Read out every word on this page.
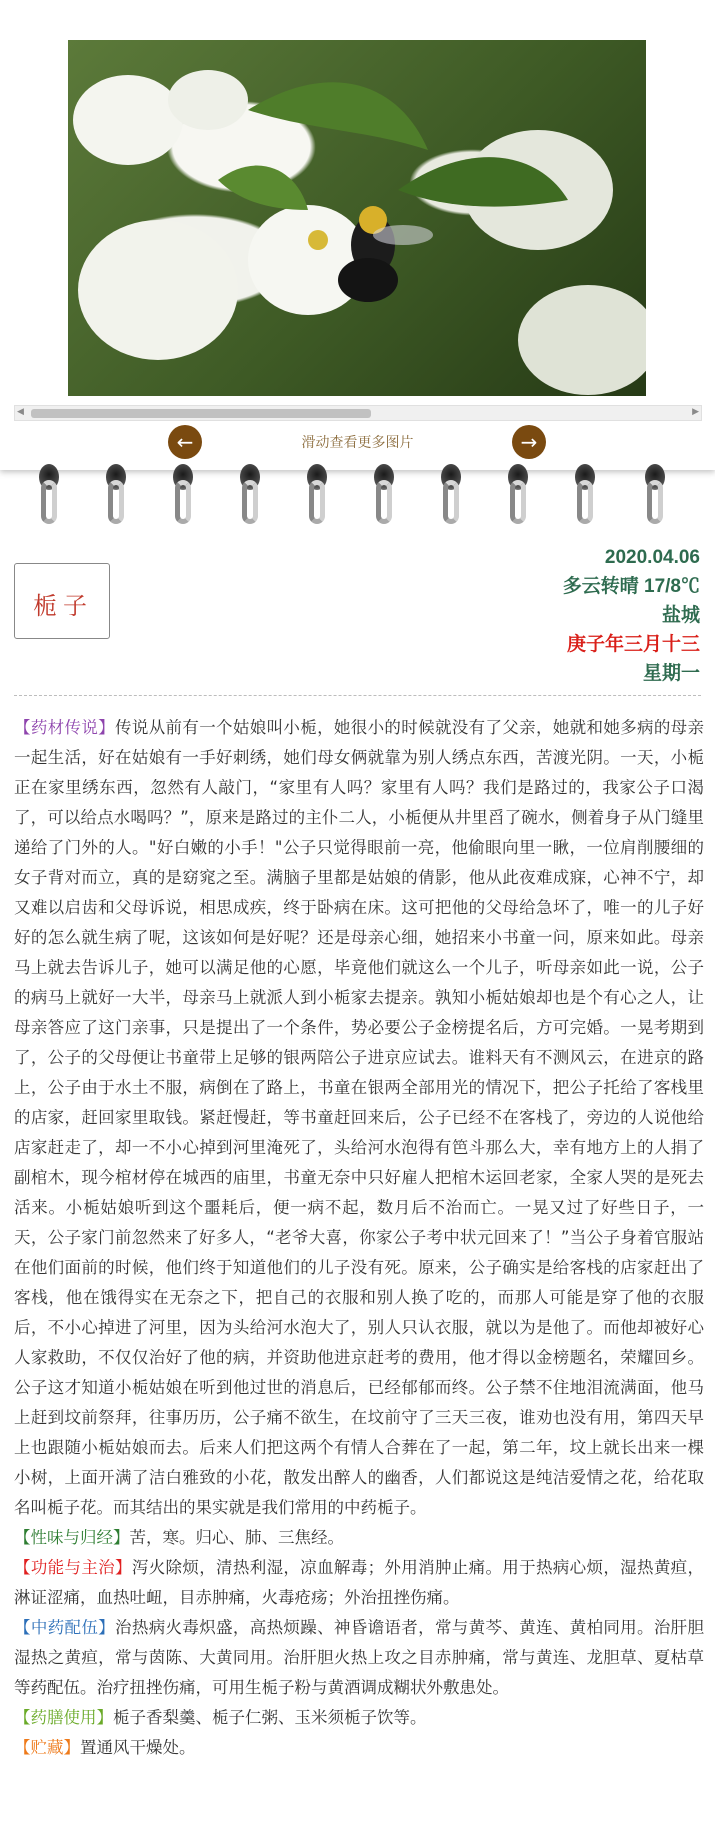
◀	▶
←	滑动查看更多图片	→
栀子
2020.04.06
多云转晴 17/8℃
盐城
庚子年三月十三
星期一

【药材传说】传说从前有一个姑娘叫小栀，她很小的时候就没有了父亲，她就和她多病的母亲一起生活，好在姑娘有一手好刺绣，她们母女俩就靠为别人绣点东西，苦渡光阴。一天，小栀正在家里绣东西，忽然有人敲门，“家里有人吗？家里有人吗？我们是路过的，我家公子口渴了，可以给点水喝吗？”，原来是路过的主仆二人，小栀便从井里舀了碗水，侧着身子从门缝里递给了门外的人。"好白嫩的小手！"公子只觉得眼前一亮，他偷眼向里一瞅，一位肩削腰细的女子背对而立，真的是窈窕之至。满脑子里都是姑娘的倩影，他从此夜难成寐，心神不宁，却又难以启齿和父母诉说，相思成疾，终于卧病在床。这可把他的父母给急坏了，唯一的儿子好好的怎么就生病了呢，这该如何是好呢？还是母亲心细，她招来小书童一问，原来如此。母亲马上就去告诉儿子，她可以满足他的心愿，毕竟他们就这么一个儿子，听母亲如此一说，公子的病马上就好一大半，母亲马上就派人到小栀家去提亲。孰知小栀姑娘却也是个有心之人，让母亲答应了这门亲事，只是提出了一个条件，势必要公子金榜提名后，方可完婚。一晃考期到了，公子的父母便让书童带上足够的银两陪公子进京应试去。谁料天有不测风云，在进京的路上，公子由于水土不服，病倒在了路上，书童在银两全部用光的情况下，把公子托给了客栈里的店家，赶回家里取钱。紧赶慢赶，等书童赶回来后，公子已经不在客栈了，旁边的人说他给店家赶走了，却一不小心掉到河里淹死了，头给河水泡得有笆斗那么大，幸有地方上的人捐了副棺木，现今棺材停在城西的庙里，书童无奈中只好雇人把棺木运回老家，全家人哭的是死去活来。小栀姑娘听到这个噩耗后，便一病不起，数月后不治而亡。一晃又过了好些日子，一天，公子家门前忽然来了好多人，“老爷大喜，你家公子考中状元回来了！”当公子身着官服站在他们面前的时候，他们终于知道他们的儿子没有死。原来，公子确实是给客栈的店家赶出了客栈，他在饿得实在无奈之下，把自己的衣服和别人换了吃的，而那人可能是穿了他的衣服后，不小心掉进了河里，因为头给河水泡大了，别人只认衣服，就以为是他了。而他却被好心人家救助，不仅仅治好了他的病，并资助他进京赶考的费用，他才得以金榜题名，荣耀回乡。公子这才知道小栀姑娘在听到他过世的消息后，已经郁郁而终。公子禁不住地泪流满面，他马上赶到坟前祭拜，往事历历，公子痛不欲生，在坟前守了三天三夜，谁劝也没有用，第四天早上也跟随小栀姑娘而去。后来人们把这两个有情人合葬在了一起，第二年，坟上就长出来一棵小树，上面开满了洁白雅致的小花，散发出醉人的幽香，人们都说这是纯洁爱情之花，给花取名叫栀子花。而其结出的果实就是我们常用的中药栀子。

【性味与归经】苦，寒。归心、肺、三焦经。

【功能与主治】泻火除烦，清热利湿，凉血解毒；外用消肿止痛。用于热病心烦，湿热黄疸，淋证涩痛，血热吐衄，目赤肿痛，火毒疮疡；外治扭挫伤痛。

【中药配伍】治热病火毒炽盛，高热烦躁、神昏谵语者，常与黄芩、黄连、黄柏同用。治肝胆湿热之黄疸，常与茵陈、大黄同用。治肝胆火热上攻之目赤肿痛，常与黄连、龙胆草、夏枯草等药配伍。治疗扭挫伤痛，可用生栀子粉与黄酒调成糊状外敷患处。

【药膳使用】栀子香梨羹、栀子仁粥、玉米须栀子饮等。

【贮藏】置通风干燥处。
